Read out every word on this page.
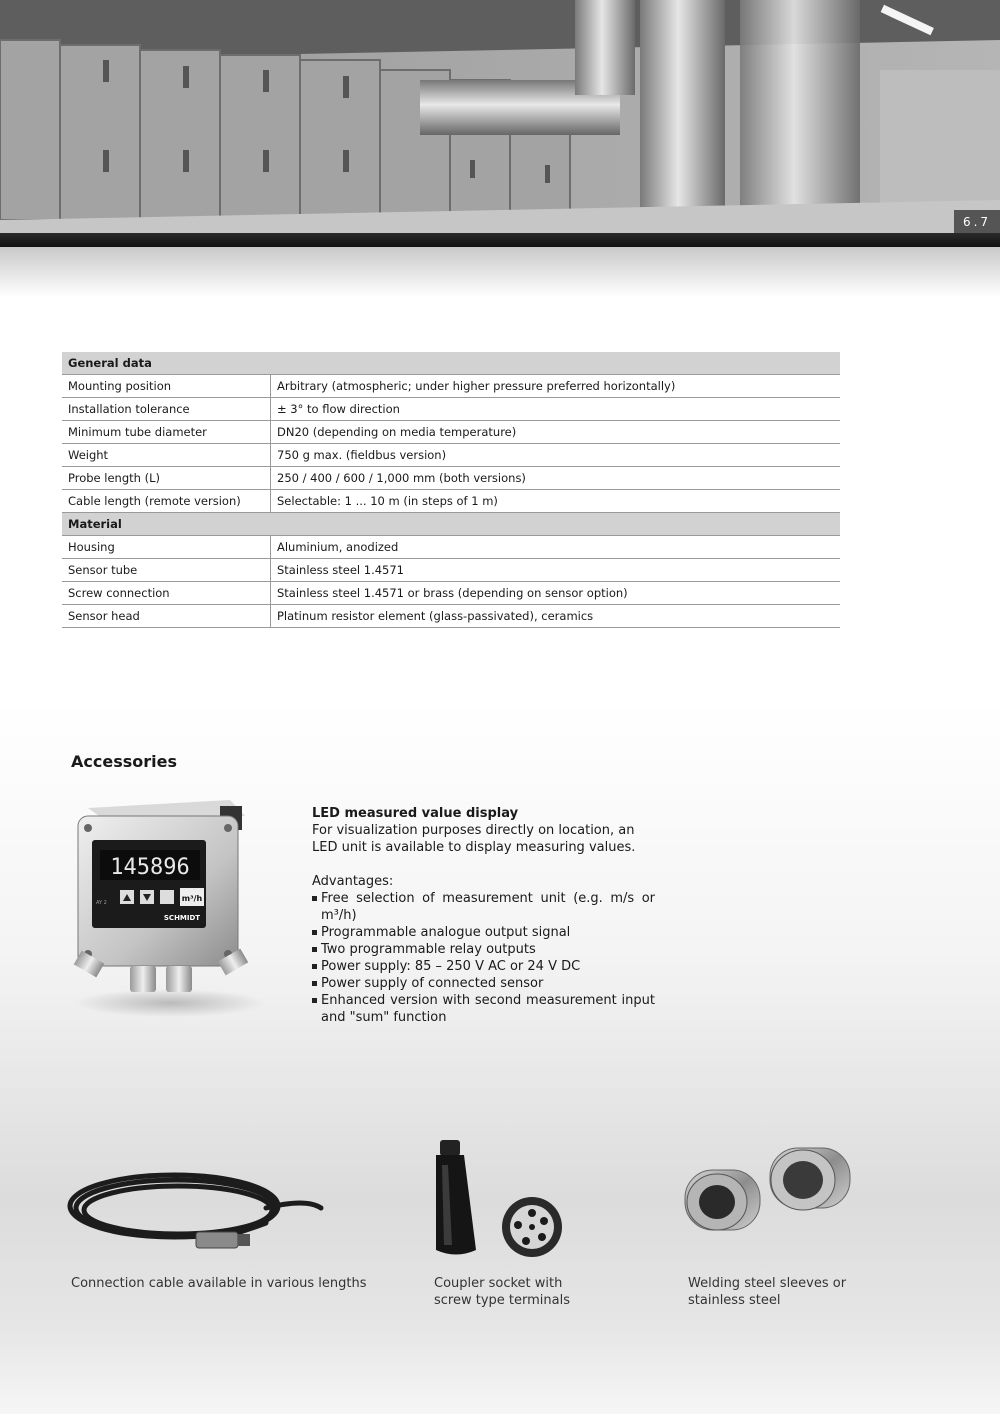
6.7
General data	
Mounting position	Arbitrary (atmospheric; under higher pressure preferred horizontally)
Installation tolerance	± 3° to flow direction
Minimum tube diameter	DN20 (depending on media temperature)
Weight	750 g max. (fieldbus version)
Probe length (L)	250 / 400 / 600 / 1,000 mm (both versions)
Cable length (remote version)	Selectable: 1 ... 10 m (in steps of 1 m)
Material	
Housing	Aluminium, anodized
Sensor tube	Stainless steel 1.4571
Screw connection	Stainless steel 1.4571 or brass (depending on sensor option)
Sensor head	Platinum resistor element (glass-passivated), ceramics
Accessories
145896
m³/h
AY 2
SCHMIDT

LED measured value display

For visualization purposes directly on location, an LED unit is available to display measuring values.

Advantages:

Free selection of measurement unit (e.g. m/s or m³/h)
Programmable analogue output signal
Two programmable relay outputs
Power supply: 85 – 250 V AC or 24 V DC
Power supply of connected sensor
Enhanced version with second measurement input and "sum" function
Connection cable available in various lengths	Coupler socket with screw type terminals
Welding steel sleeves or stainless steel
